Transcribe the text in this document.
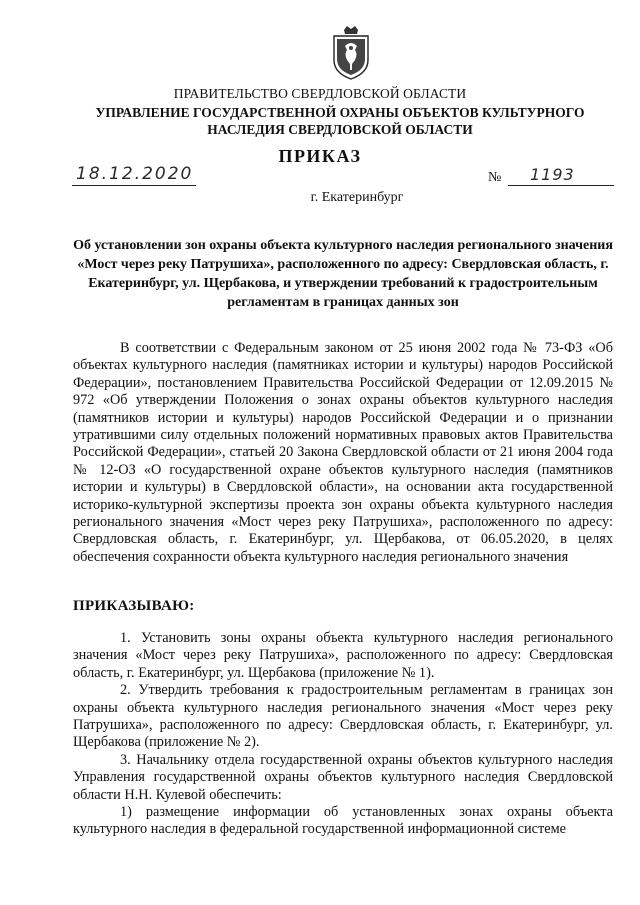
ПРАВИТЕЛЬСТВО СВЕРДЛОВСКОЙ ОБЛАСТИ
УПРАВЛЕНИЕ ГОСУДАРСТВЕННОЙ ОХРАНЫ ОБЪЕКТОВ КУЛЬТУРНОГО НАСЛЕДИЯ СВЕРДЛОВСКОЙ ОБЛАСТИ
ПРИКАЗ
18.12.2020	№	1193
г. Екатеринбург
Об установлении зон охраны объекта культурного наследия регионального значения «Мост через реку Патрушиха», расположенного по адресу: Свердловская область, г. Екатеринбург, ул. Щербакова, и утверждении требований к градостроительным регламентам в границах данных зон

В соответствии с Федеральным законом от 25 июня 2002 года № 73-ФЗ «Об объектах культурного наследия (памятниках истории и культуры) народов Российской Федерации», постановлением Правительства Российской Федерации от 12.09.2015 № 972 «Об утверждении Положения о зонах охраны объектов культурного наследия (памятников истории и культуры) народов Российской Федерации и о признании утратившими силу отдельных положений нормативных правовых актов Правительства Российской Федерации», статьей 20 Закона Свердловской области от 21 июня 2004 года № 12-ОЗ «О государственной охране объектов культурного наследия (памятников истории и культуры) в Свердловской области», на основании акта государственной историко-культурной экспертизы проекта зон охраны объекта культурного наследия регионального значения «Мост через реку Патрушиха», расположенного по адресу: Свердловская область, г. Екатеринбург, ул. Щербакова, от 06.05.2020, в целях обеспечения сохранности объекта культурного наследия регионального значения

ПРИКАЗЫВАЮ:

1. Установить зоны охраны объекта культурного наследия регионального значения «Мост через реку Патрушиха», расположенного по адресу: Свердловская область, г. Екатеринбург, ул. Щербакова (приложение № 1).

2. Утвердить требования к градостроительным регламентам в границах зон охраны объекта культурного наследия регионального значения «Мост через реку Патрушиха», расположенного по адресу: Свердловская область, г. Екатеринбург, ул. Щербакова (приложение № 2).

3. Начальнику отдела государственной охраны объектов культурного наследия Управления государственной охраны объектов культурного наследия Свердловской области Н.Н. Кулевой обеспечить:

1) размещение информации об установленных зонах охраны объекта культурного наследия в федеральной государственной информационной системе
